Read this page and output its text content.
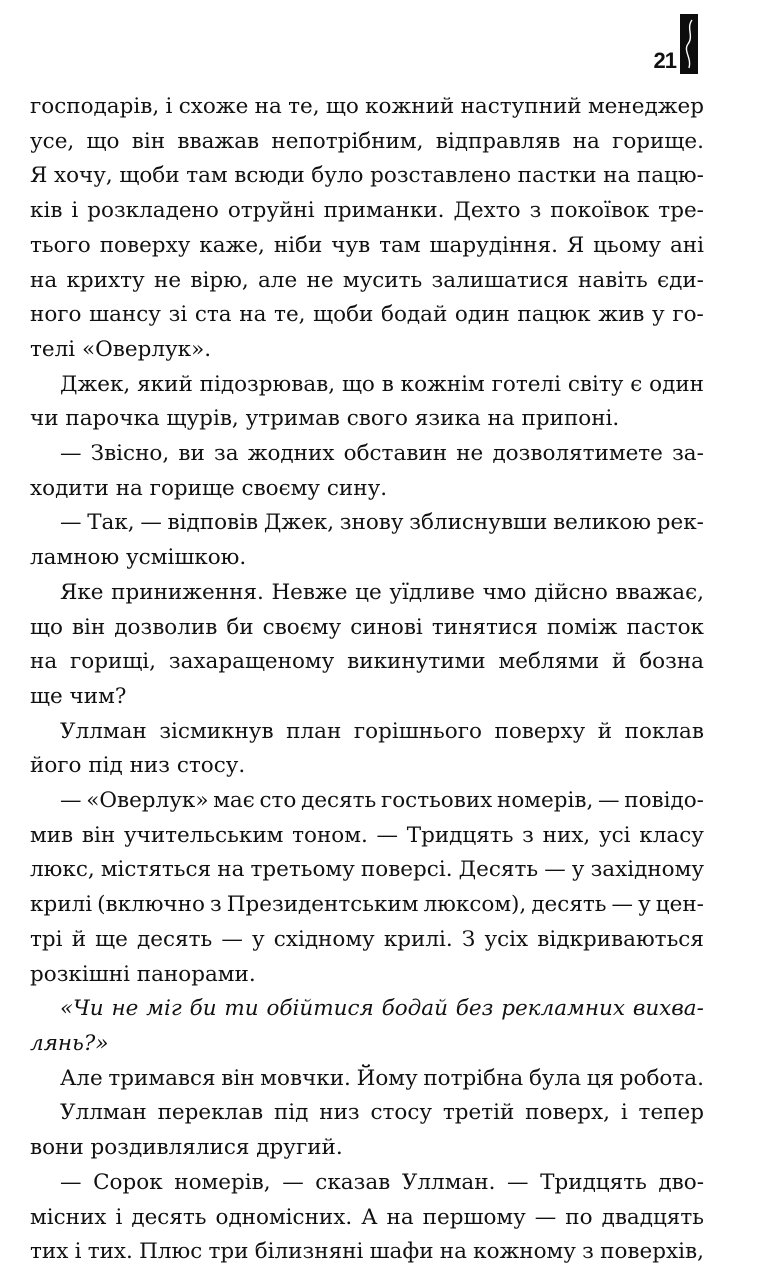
21
господарів, і схоже на те, що кожний наступний менеджер
усе, що він вважав непотрібним, відправляв на горище.
Я хочу, щоби там всюди було розставлено пастки на пацю-
ків і розкладено отруйні приманки. Дехто з покоївок тре-
тього поверху каже, ніби чув там шарудіння. Я цьому ані
на крихту не вірю, але не мусить залишатися навіть єди-
ного шансу зі ста на те, щоби бодай один пацюк жив у го-
телі «Оверлук».
Джек, який підозрював, що в кожнім готелі світу є один
чи парочка щурів, утримав свого язика на припоні.
— Звісно, ви за жодних обставин не дозволятимете за-
ходити на горище своєму сину.
— Так, — відповів Джек, знову зблиснувши великою рек-
ламною усмішкою.
Яке приниження. Невже це уїдливе чмо дійсно вважає,
що він дозволив би своєму синові тинятися поміж пасток
на горищі, захаращеному викинутими меблями й бозна
ще чим?
Уллман зісмикнув план горішнього поверху й поклав
його під низ стосу.
— «Оверлук» має сто десять гостьових номерів, — повідо-
мив він учительським тоном. — Тридцять з них, усі класу
люкс, містяться на третьому поверсі. Десять — у західному
крилі (включно з Президентським люксом), десять — у цен-
трі й ще десять — у східному крилі. З усіх відкриваються
розкішні панорами.
«Чи не міг би ти обійтися бодай без рекламних вихва-
лянь?»
Але тримався він мовчки. Йому потрібна була ця робота.
Уллман переклав під низ стосу третій поверх, і тепер
вони роздивлялися другий.
— Сорок номерів, — сказав Уллман. — Тридцять дво-
місних і десять одномісних. А на першому — по двадцять
тих і тих. Плюс три білизняні шафи на кожному з поверхів,
